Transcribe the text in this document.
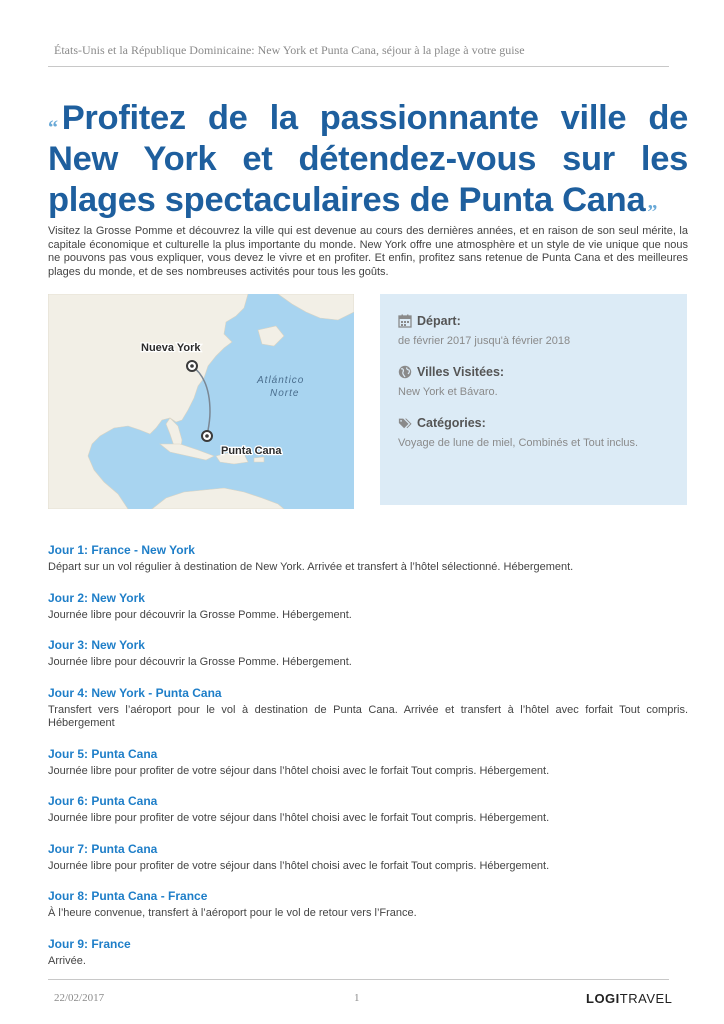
États-Unis et la République Dominicaine: New York et Punta Cana, séjour à la plage à votre guise
“ Profitez de la passionnante ville de New York et détendez-vous sur les plages spectaculaires de Punta Cana ”

Visitez la Grosse Pomme et découvrez la ville qui est devenue au cours des dernières années, et en raison de son seul mérite, la capitale économique et culturelle la plus importante du monde. New York offre une atmosphère et un style de vie unique que nous ne pouvons pas vous expliquer, vous devez le vivre et en profiter. Et enfin, profitez sans retenue de Punta Cana et des meilleures plages du monde, et de ses nombreuses activités pour tous les goûts.

Nueva York
Punta Cana
Atlántico
Norte
Départ:
de février 2017 jusqu'à février 2018
Villes Visitées:
New York et Bávaro.
Catégories:
Voyage de lune de miel, Combinés et Tout inclus.
Jour 1: France - New York
Départ sur un vol régulier à destination de New York. Arrivée et transfert à l’hôtel sélectionné. Hébergement.
Jour 2: New York
Journée libre pour découvrir la Grosse Pomme. Hébergement.
Jour 3: New York
Journée libre pour découvrir la Grosse Pomme. Hébergement.
Jour 4: New York - Punta Cana
Transfert vers l’aéroport pour le vol à destination de Punta Cana. Arrivée et transfert à l’hôtel avec forfait Tout compris. Hébergement
Jour 5: Punta Cana
Journée libre pour profiter de votre séjour dans l’hôtel choisi avec le forfait Tout compris. Hébergement.
Jour 6: Punta Cana
Journée libre pour profiter de votre séjour dans l’hôtel choisi avec le forfait Tout compris. Hébergement.
Jour 7: Punta Cana
Journée libre pour profiter de votre séjour dans l’hôtel choisi avec le forfait Tout compris. Hébergement.
Jour 8: Punta Cana - France
À l’heure convenue, transfert à l’aéroport pour le vol de retour vers l’France.
Jour 9: France
Arrivée.
22/02/2017	1	LOGITRAVEL
